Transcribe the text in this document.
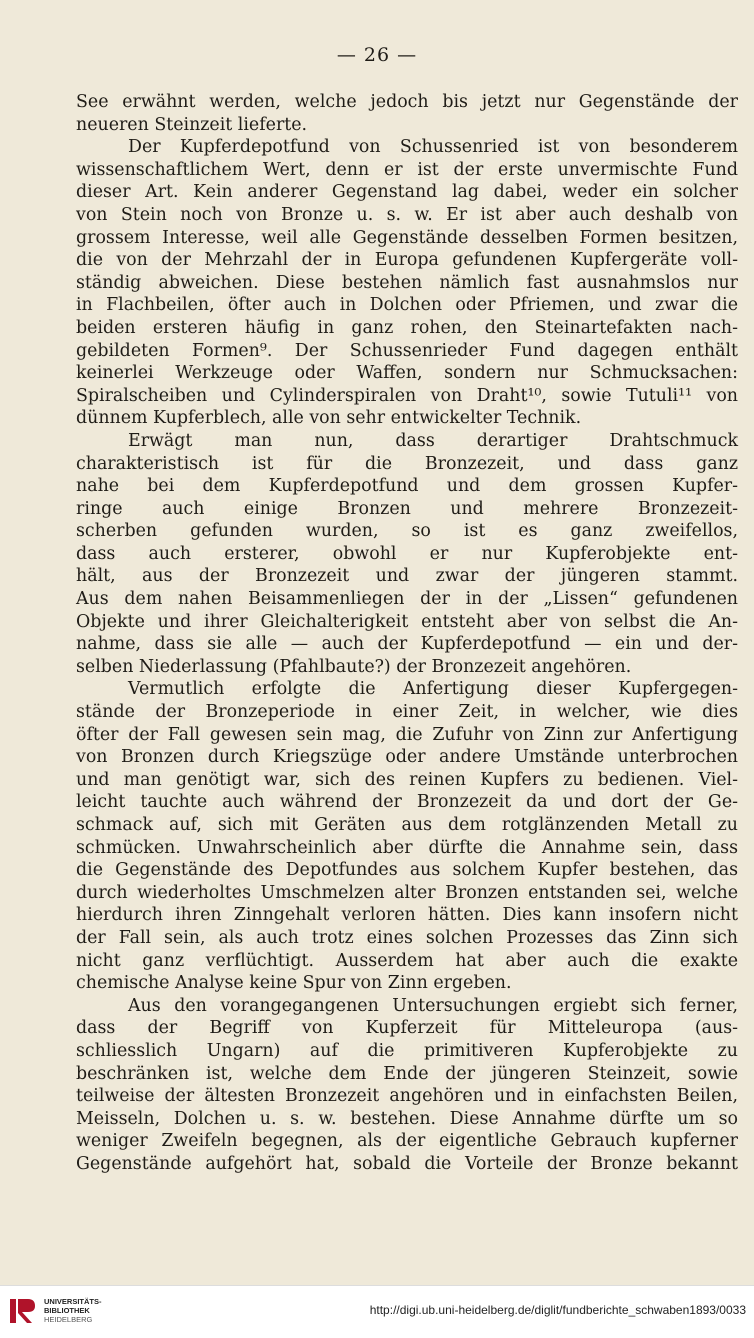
— 26 —
See erwähnt werden, welche jedoch bis jetzt nur Gegenstände der
neueren Steinzeit lieferte.
Der Kupferdepotfund von Schussenried ist von besonderem
wissenschaftlichem Wert, denn er ist der erste unvermischte Fund
dieser Art. Kein anderer Gegenstand lag dabei, weder ein solcher
von Stein noch von Bronze u. s. w. Er ist aber auch deshalb von
grossem Interesse, weil alle Gegenstände desselben Formen besitzen,
die von der Mehrzahl der in Europa gefundenen Kupfergeräte voll-
ständig abweichen. Diese bestehen nämlich fast ausnahmslos nur
in Flachbeilen, öfter auch in Dolchen oder Pfriemen, und zwar die
beiden ersteren häufig in ganz rohen, den Steinartefakten nach-
gebildeten Formen⁹. Der Schussenrieder Fund dagegen enthält
keinerlei Werkzeuge oder Waffen, sondern nur Schmucksachen:
Spiralscheiben und Cylinderspiralen von Draht¹⁰, sowie Tutuli¹¹ von
dünnem Kupferblech, alle von sehr entwickelter Technik.
Erwägt man nun, dass derartiger Drahtschmuck
charakteristisch ist für die Bronzezeit, und dass ganz
nahe bei dem Kupferdepotfund und dem grossen Kupfer-
ringe auch einige Bronzen und mehrere Bronzezeit-
scherben gefunden wurden, so ist es ganz zweifellos,
dass auch ersterer, obwohl er nur Kupferobjekte ent-
hält, aus der Bronzezeit und zwar der jüngeren stammt.
Aus dem nahen Beisammenliegen der in der „Lissen“ gefundenen
Objekte und ihrer Gleichalterigkeit entsteht aber von selbst die An-
nahme, dass sie alle — auch der Kupferdepotfund — ein und der-
selben Niederlassung (Pfahlbaute?) der Bronzezeit angehören.
Vermutlich erfolgte die Anfertigung dieser Kupfergegen-
stände der Bronzeperiode in einer Zeit, in welcher, wie dies
öfter der Fall gewesen sein mag, die Zufuhr von Zinn zur Anfertigung
von Bronzen durch Kriegszüge oder andere Umstände unterbrochen
und man genötigt war, sich des reinen Kupfers zu bedienen. Viel-
leicht tauchte auch während der Bronzezeit da und dort der Ge-
schmack auf, sich mit Geräten aus dem rotglänzenden Metall zu
schmücken. Unwahrscheinlich aber dürfte die Annahme sein, dass
die Gegenstände des Depotfundes aus solchem Kupfer bestehen, das
durch wiederholtes Umschmelzen alter Bronzen entstanden sei, welche
hierdurch ihren Zinngehalt verloren hätten. Dies kann insofern nicht
der Fall sein, als auch trotz eines solchen Prozesses das Zinn sich
nicht ganz verflüchtigt. Ausserdem hat aber auch die exakte
chemische Analyse keine Spur von Zinn ergeben.
Aus den vorangegangenen Untersuchungen ergiebt sich ferner,
dass der Begriff von Kupferzeit für Mitteleuropa (aus-
schliesslich Ungarn) auf die primitiveren Kupferobjekte zu
beschränken ist, welche dem Ende der jüngeren Steinzeit, sowie
teilweise der ältesten Bronzezeit angehören und in einfachsten Beilen,
Meisseln, Dolchen u. s. w. bestehen. Diese Annahme dürfte um so
weniger Zweifeln begegnen, als der eigentliche Gebrauch kupferner
Gegenstände aufgehört hat, sobald die Vorteile der Bronze bekannt
UNIVERSITÄTS-
BIBLIOTHEK
HEIDELBERG
http://digi.ub.uni-heidelberg.de/diglit/fundberichte_schwaben1893/0033
